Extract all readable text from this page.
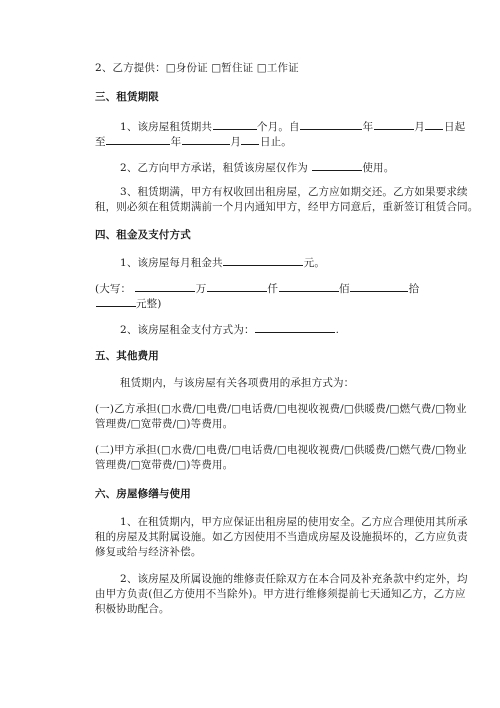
2、乙方提供：□身份证 □暂住证 □工作证
三、租赁期限
1、该房屋租赁期共	个月。自	年	月 日起
至	年	月 日止。
2、乙方向甲方承诺，租赁该房屋仅作为	使用。
3、租赁期满，甲方有权收回出租房屋，乙方应如期交还。乙方如果要求续
租，则必须在租赁期满前一个月内通知甲方，经甲方同意后，重新签订租赁合同。
四、租金及支付方式
1、该房屋每月租金共	元。
(大写：	万	仟	佰	拾
元整)
2、该房屋租金支付方式为：	.
五、其他费用
租赁期内，与该房屋有关各项费用的承担方式为：
(一)乙方承担(□水费/□电费/□电话费/□电视收视费/□供暖费/□燃气费/□物业
管理费/□宽带费/□)等费用。
(二)甲方承担(□水费/□电费/□电话费/□电视收视费/□供暖费/□燃气费/□物业
管理费/□宽带费/□)等费用。
六、房屋修缮与使用
1、在租赁期内，甲方应保证出租房屋的使用安全。乙方应合理使用其所承
租的房屋及其附属设施。如乙方因使用不当造成房屋及设施损坏的，乙方应负责
修复或给与经济补偿。
2、该房屋及所属设施的维修责任除双方在本合同及补充条款中约定外，均
由甲方负责(但乙方使用不当除外)。甲方进行维修须提前七天通知乙方，乙方应
积极协助配合。
